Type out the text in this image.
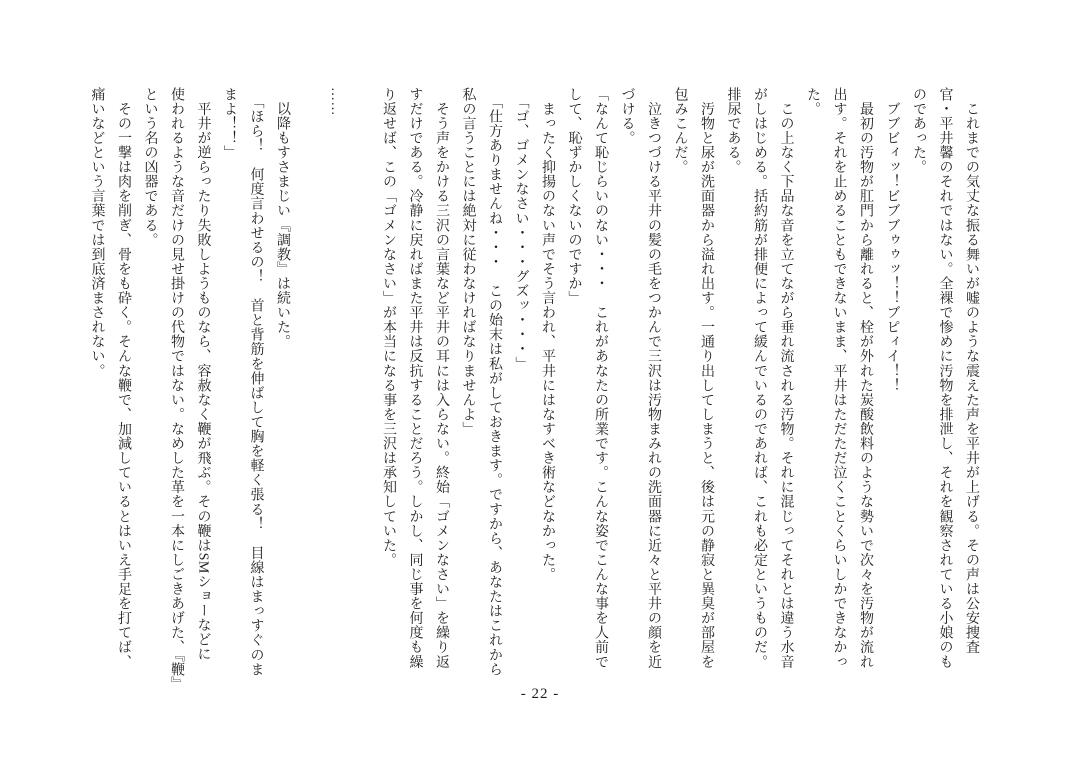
　これまでの気丈な振る舞いが嘘のような震えた声を平井が上げる。その声は公安捜査
官・平井馨のそれではない。全裸で惨めに汚物を排泄し、それを観察されている小娘のも
のであった。
　ブブビィッ！ビブブゥゥッ！！ブピィイ！！
　最初の汚物が肛門から離れると、栓が外れた炭酸飲料のような勢いで次々を汚物が流れ
出す。それを止めることもできないまま、平井はただただ泣くことくらいしかできなかっ
た。
　この上なく下品な音を立てながら垂れ流される汚物。それに混じってそれとは違う水音
がしはじめる。括約筋が排便によって緩んでいるのであれば、これも必定というものだ。
排尿である。
　汚物と尿が洗面器から溢れ出す。一通り出してしまうと、後は元の静寂と異臭が部屋を
包みこんだ。
　泣きつづける平井の髪の毛をつかんで三沢は汚物まみれの洗面器に近々と平井の顔を近
づける。
「なんて恥じらいのない・・・　これがあなたの所業です。こんな姿でこんな事を人前で
して、恥ずかしくないのですか」
　まったく抑揚のない声でそう言われ、平井にはなすべき術などなかった。
　「ゴ、ゴメンなさい・・・グズッ・・・」
　「仕方ありませんね・・・　この始末は私がしておきます。ですから、あなたはこれから
私の言うことには絶対に従わなければなりませんよ」
　そう声をかける三沢の言葉など平井の耳には入らない。終始「ゴメンなさい」を繰り返
すだけである。冷静に戻ればまた平井は反抗することだろう。しかし、同じ事を何度も繰
り返せば、この「ゴメンなさい」が本当になる事を三沢は承知していた。
……
　以降もすさまじい『調教』は続いた。
　「ほら！　何度言わせるの！　首と背筋を伸ばして胸を軽く張る！　目線はまっすぐのま
まよ！！」
　平井が逆らったり失敗しようものなら、容赦なく鞭が飛ぶ。その鞭はSMショーなどに
使われるような音だけの見せ掛けの代物ではない。なめした革を一本にしごきあげた、『鞭』
という名の凶器である。
　その一撃は肉を削ぎ、骨をも砕く。そんな鞭で、加減しているとはいえ手足を打てば、
痛いなどという言葉では到底済まされない。
- 22 -
